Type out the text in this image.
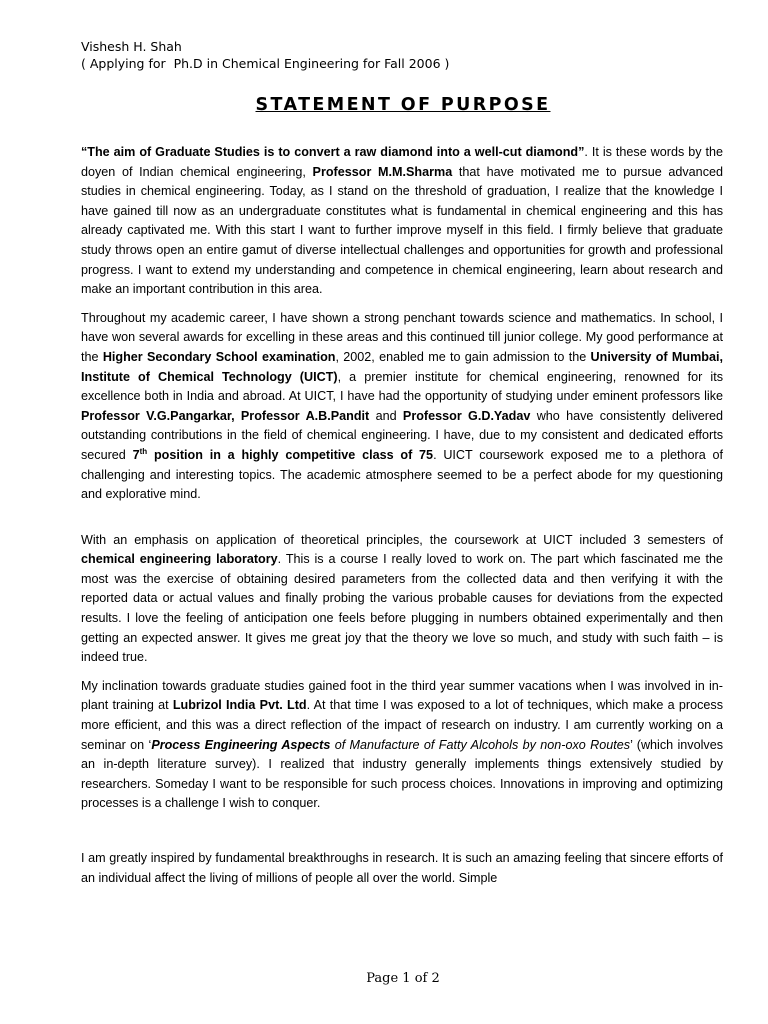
Vishesh H. Shah
( Applying for  Ph.D in Chemical Engineering for Fall 2006 )
STATEMENT OF PURPOSE

“The aim of Graduate Studies is to convert a raw diamond into a well-cut diamond”. It is these words by the doyen of Indian chemical engineering, Professor M.M.Sharma that have motivated me to pursue advanced studies in chemical engineering. Today, as I stand on the threshold of graduation, I realize that the knowledge I have gained till now as an undergraduate constitutes what is fundamental in chemical engineering and this has already captivated me. With this start I want to further improve myself in this field. I firmly believe that graduate study throws open an entire gamut of diverse intellectual challenges and opportunities for growth and professional progress. I want to extend my understanding and competence in chemical engineering, learn about research and make an important contribution in this area.

Throughout my academic career, I have shown a strong penchant towards science and mathematics. In school, I have won several awards for excelling in these areas and this continued till junior college. My good performance at the Higher Secondary School examination, 2002, enabled me to gain admission to the University of Mumbai, Institute of Chemical Technology (UICT), a premier institute for chemical engineering, renowned for its excellence both in India and abroad. At UICT, I have had the opportunity of studying under eminent professors like Professor V.G.Pangarkar, Professor A.B.Pandit and Professor G.D.Yadav who have consistently delivered outstanding contributions in the field of chemical engineering. I have, due to my consistent and dedicated efforts secured 7th position in a highly competitive class of 75. UICT coursework exposed me to a plethora of challenging and interesting topics. The academic atmosphere seemed to be a perfect abode for my questioning and explorative mind.

With an emphasis on application of theoretical principles, the coursework at UICT included 3 semesters of chemical engineering laboratory. This is a course I really loved to work on. The part which fascinated me the most was the exercise of obtaining desired parameters from the collected data and then verifying it with the reported data or actual values and finally probing the various probable causes for deviations from the expected results. I love the feeling of anticipation one feels before plugging in numbers obtained experimentally and then getting an expected answer. It gives me great joy that the theory we love so much, and study with such faith – is indeed true.

My inclination towards graduate studies gained foot in the third year summer vacations when I was involved in in-plant training at Lubrizol India Pvt. Ltd. At that time I was exposed to a lot of techniques, which make a process more efficient, and this was a direct reflection of the impact of research on industry. I am currently working on a seminar on ‘Process Engineering Aspects of Manufacture of Fatty Alcohols by non-oxo Routes’ (which involves an in-depth literature survey). I realized that industry generally implements things extensively studied by researchers. Someday I want to be responsible for such process choices. Innovations in improving and optimizing processes is a challenge I wish to conquer.

I am greatly inspired by fundamental breakthroughs in research. It is such an amazing feeling that sincere efforts of an individual affect the living of millions of people all over the world. Simple

Page 1 of 2
